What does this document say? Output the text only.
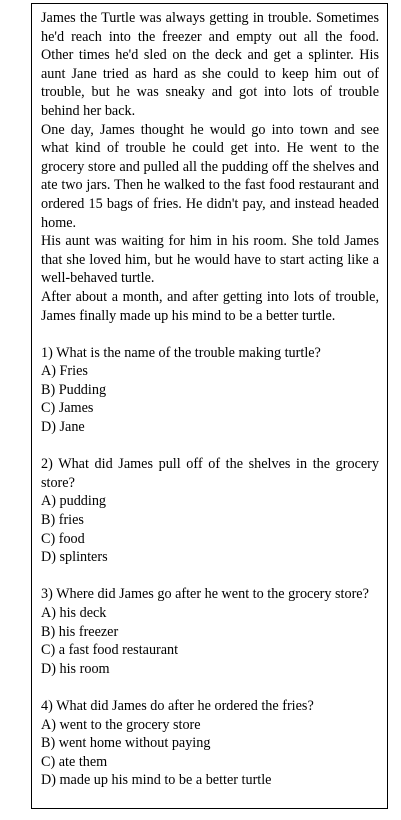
James the Turtle was always getting in trouble. Sometimes he'd reach into the freezer and empty out all the food. Other times he'd sled on the deck and get a splinter. His aunt Jane tried as hard as she could to keep him out of trouble, but he was sneaky and got into lots of trouble behind her back.

One day, James thought he would go into town and see what kind of trouble he could get into. He went to the grocery store and pulled all the pudding off the shelves and ate two jars. Then he walked to the fast food restaurant and ordered 15 bags of fries. He didn't pay, and instead headed home.

His aunt was waiting for him in his room. She told James that she loved him, but he would have to start acting like a well-behaved turtle.

After about a month, and after getting into lots of trouble, James finally made up his mind to be a better turtle.

1) What is the name of the trouble making turtle?

A) Fries

B) Pudding

C) James

D) Jane

2) What did James pull off of the shelves in the grocery store?

A) pudding

B) fries

C) food

D) splinters

3) Where did James go after he went to the grocery store?

A) his deck

B) his freezer

C) a fast food restaurant

D) his room

4) What did James do after he ordered the fries?

A) went to the grocery store

B) went home without paying

C) ate them

D) made up his mind to be a better turtle
